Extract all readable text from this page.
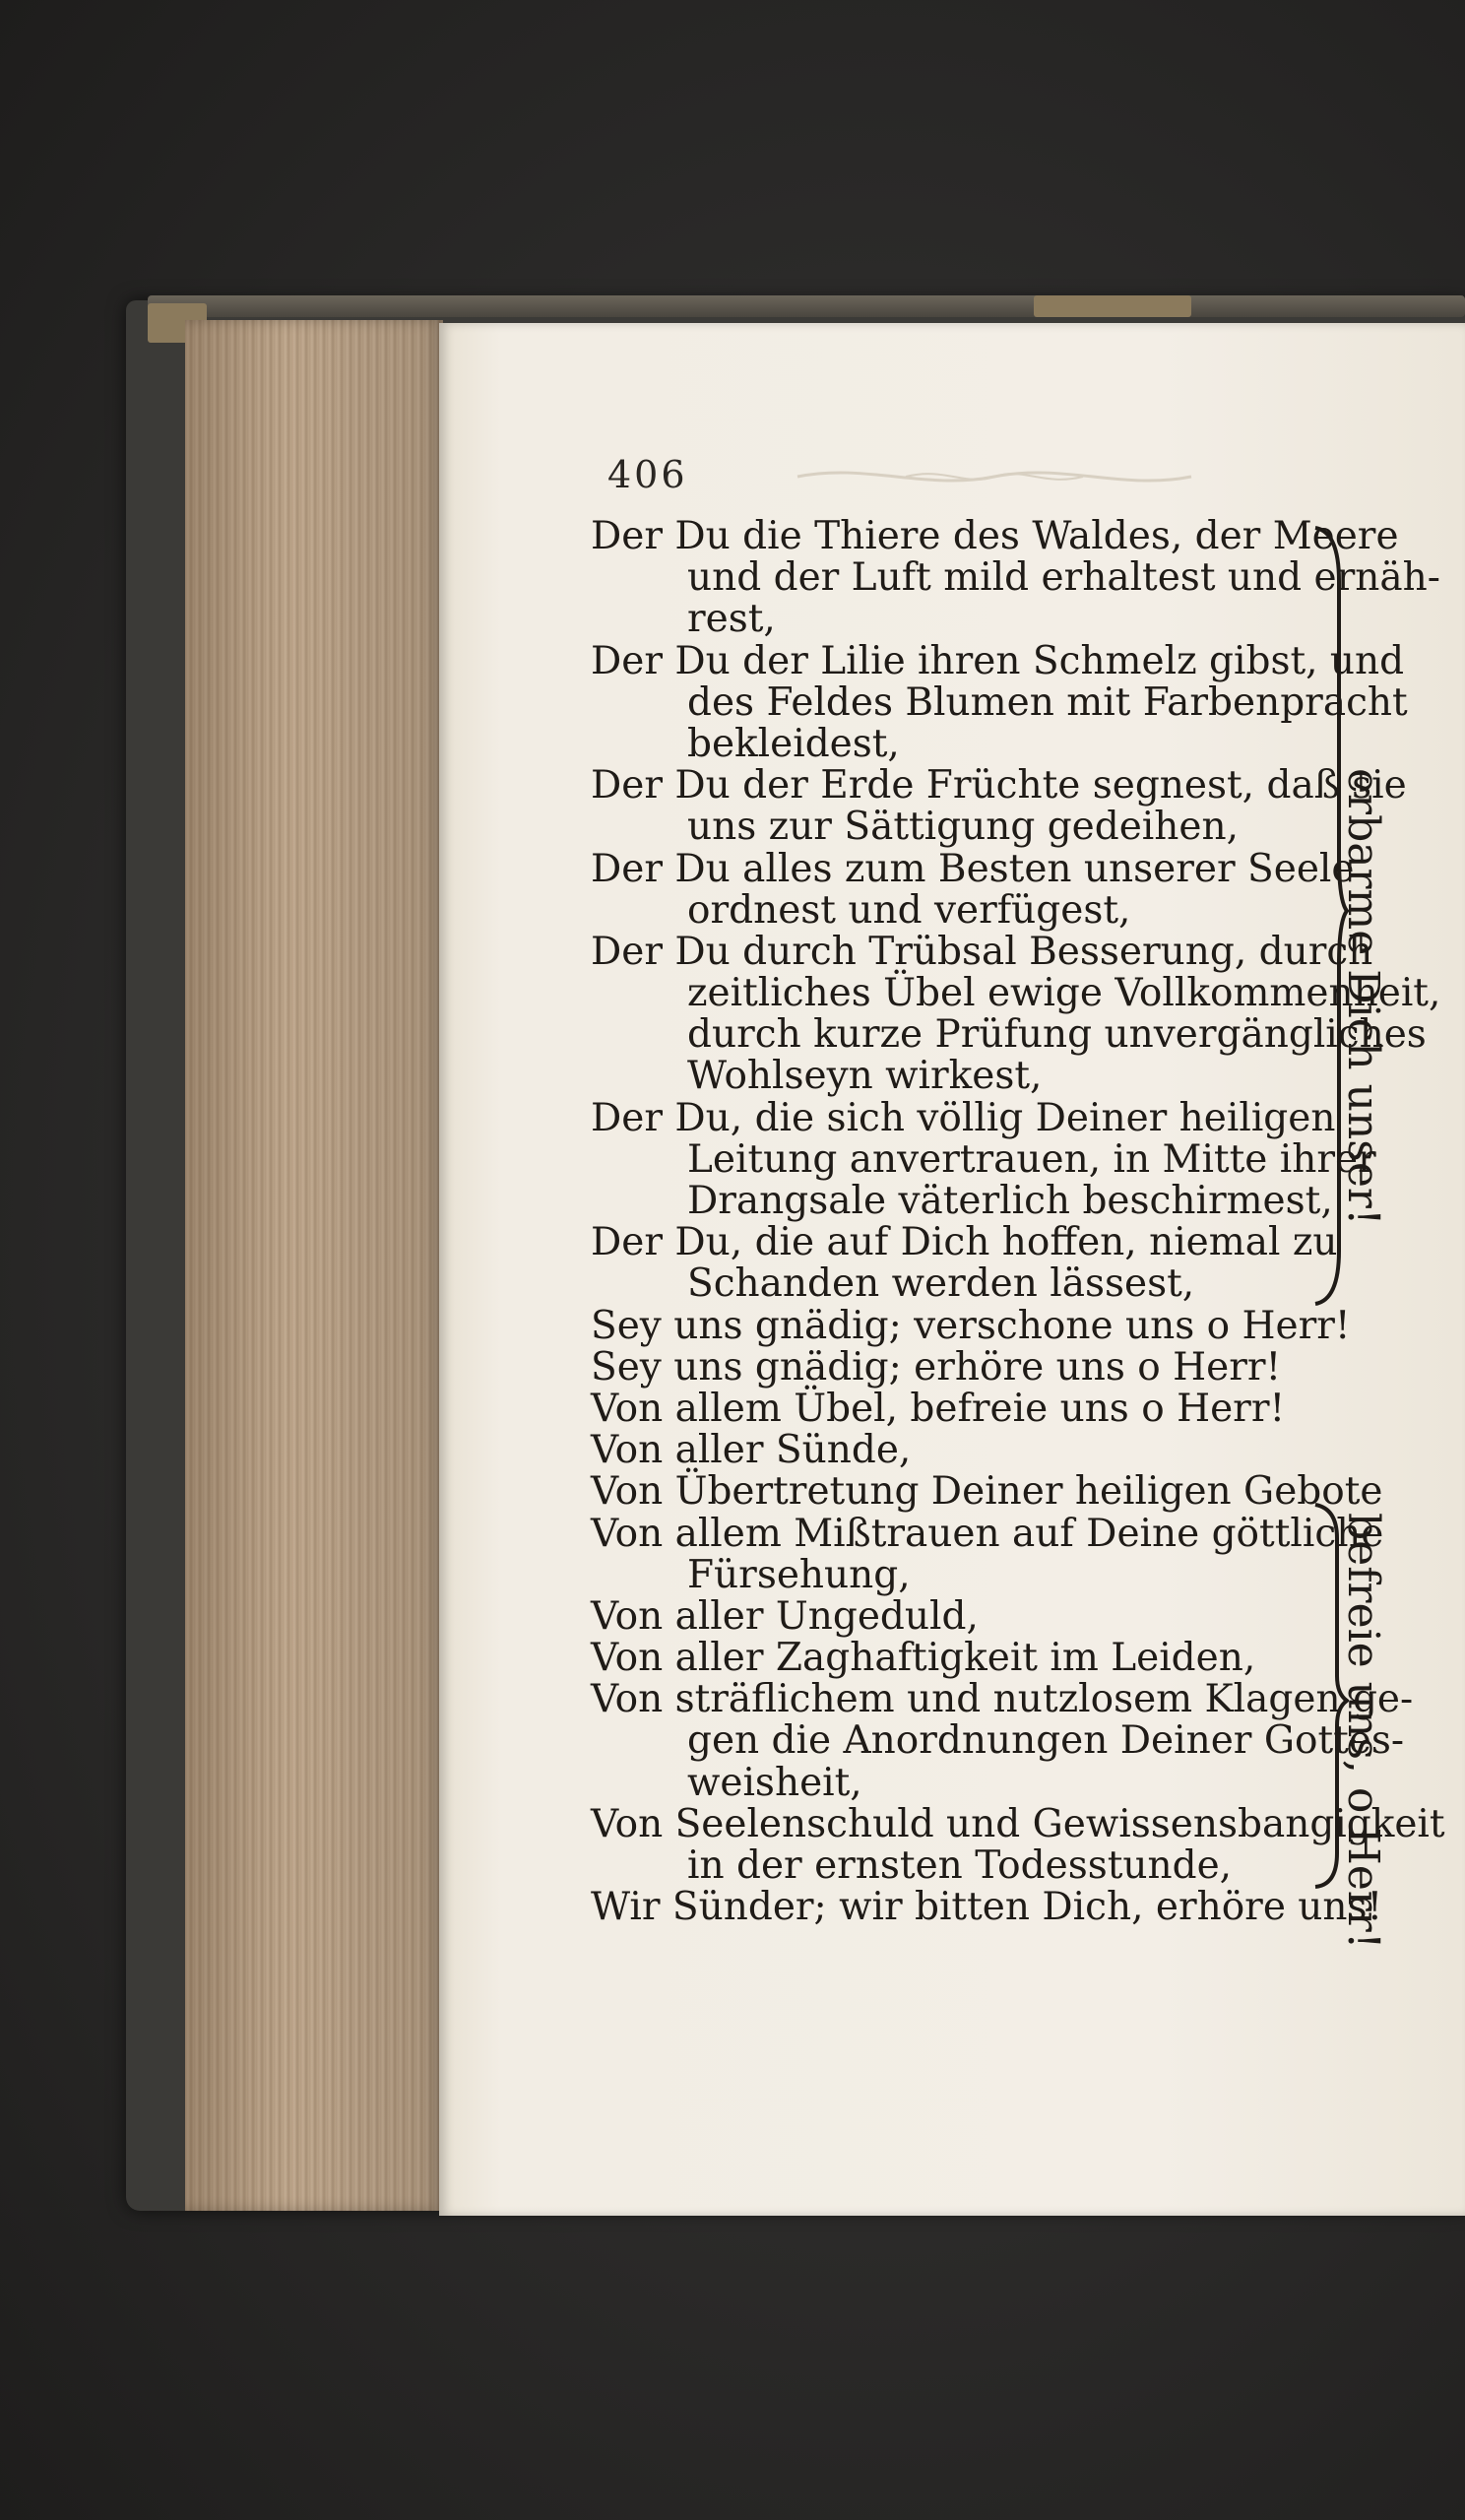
406
Der Du die Thiere des Waldes, der Meere
und der Luft mild erhaltest und ernäh-
rest,
Der Du der Lilie ihren Schmelz gibst, und
des Feldes Blumen mit Farbenpracht
bekleidest,
Der Du der Erde Früchte segnest, daß sie
uns zur Sättigung gedeihen,
Der Du alles zum Besten unserer Seele
ordnest und verfügest,
Der Du durch Trübsal Besserung, durch
zeitliches Übel ewige Vollkommenheit,
durch kurze Prüfung unvergängliches
Wohlseyn wirkest,
Der Du, die sich völlig Deiner heiligen
Leitung anvertrauen, in Mitte ihrer
Drangsale väterlich beschirmest,
Der Du, die auf Dich hoffen, niemal zu
Schanden werden lässest,
Sey uns gnädig; verschone uns o Herr!
Sey uns gnädig; erhöre uns o Herr!
Von allem Übel, befreie uns o Herr!
Von aller Sünde,
Von Übertretung Deiner heiligen Gebote
Von allem Mißtrauen auf Deine göttliche
Fürsehung,
Von aller Ungeduld,
Von aller Zaghaftigkeit im Leiden,
Von sträflichem und nutzlosem Klagen ge-
gen die Anordnungen Deiner Gottes-
weisheit,
Von Seelenschuld und Gewissensbangigkeit
in der ernsten Todesstunde,
Wir Sünder; wir bitten Dich, erhöre uns!
erbarme Dich unser!
befreie uns, o Herr!
